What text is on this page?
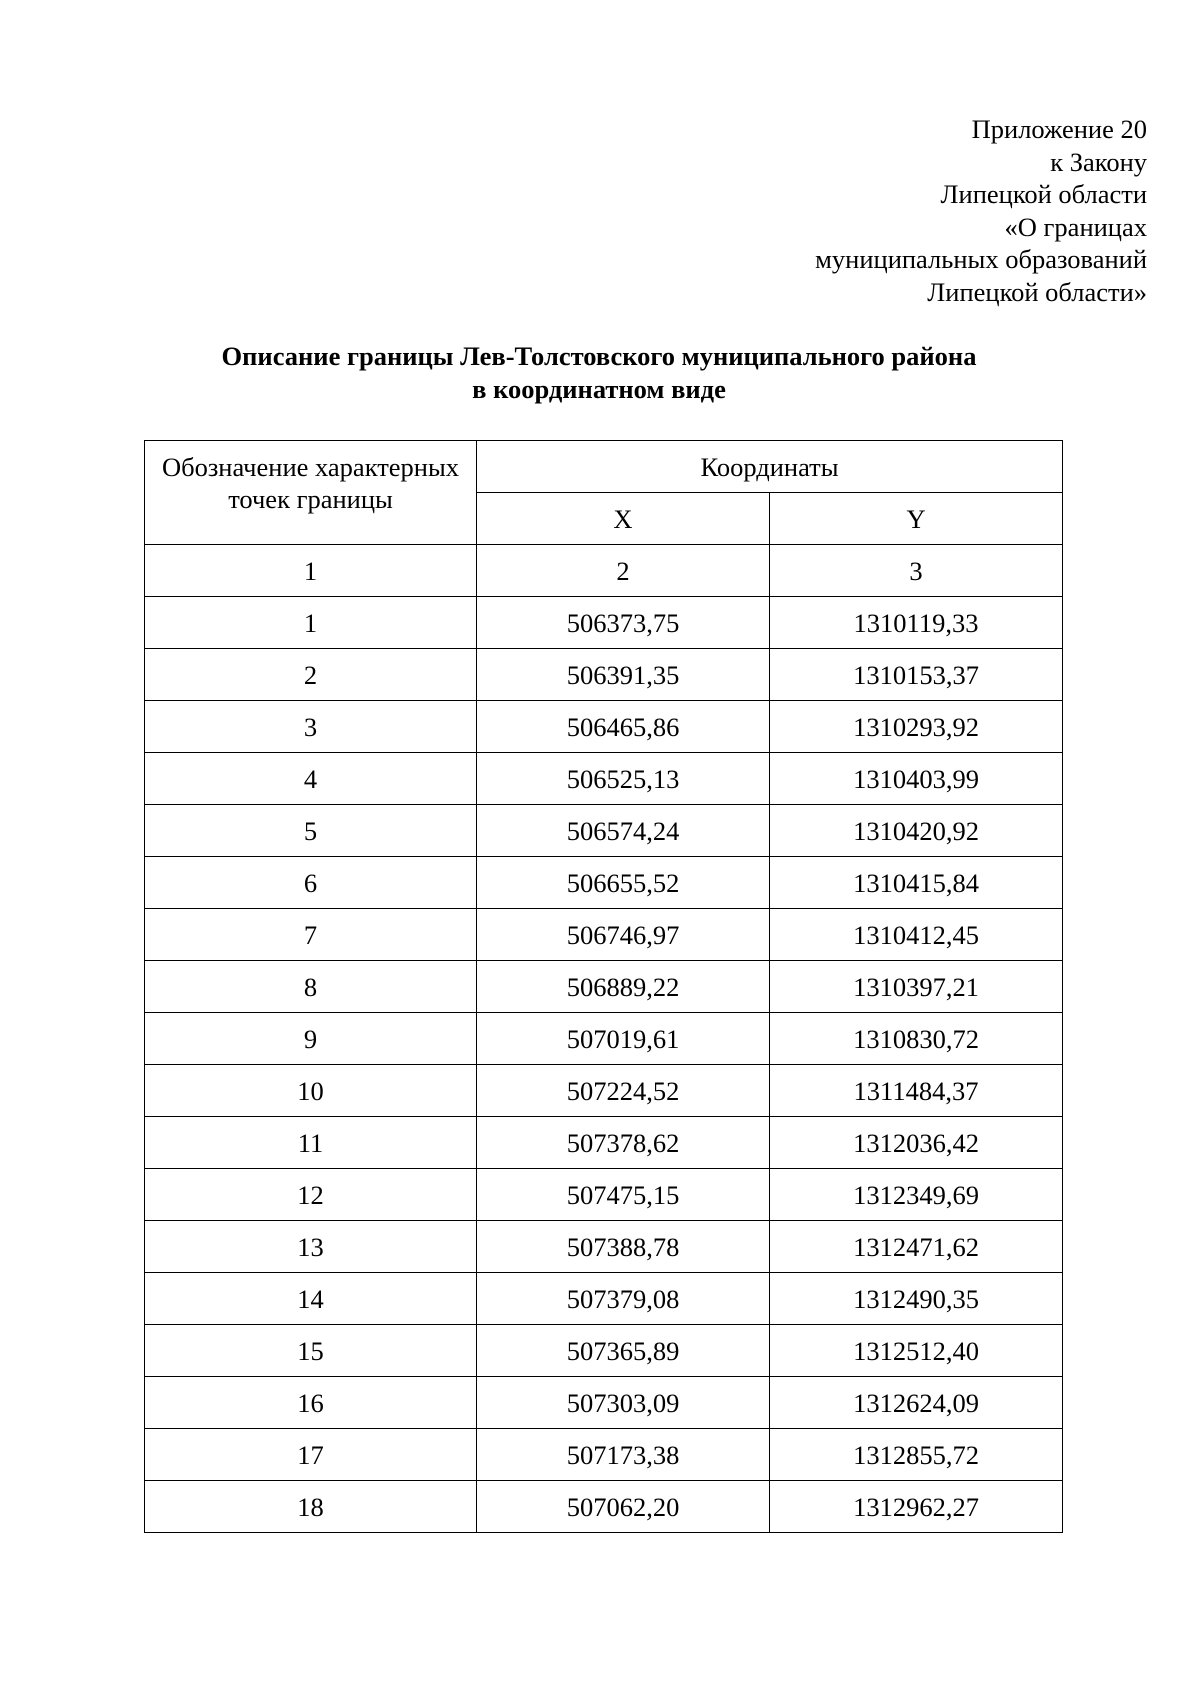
Приложение 20
к Закону
Липецкой области
«О границах
муниципальных образований
Липецкой области»
Описание границы Лев-Толстовского муниципального района
в координатном виде
Обозначение характерных точек границы	Координаты	
	X	Y
1	2	3
1	506373,75	1310119,33
2	506391,35	1310153,37
3	506465,86	1310293,92
4	506525,13	1310403,99
5	506574,24	1310420,92
6	506655,52	1310415,84
7	506746,97	1310412,45
8	506889,22	1310397,21
9	507019,61	1310830,72
10	507224,52	1311484,37
11	507378,62	1312036,42
12	507475,15	1312349,69
13	507388,78	1312471,62
14	507379,08	1312490,35
15	507365,89	1312512,40
16	507303,09	1312624,09
17	507173,38	1312855,72
18	507062,20	1312962,27
